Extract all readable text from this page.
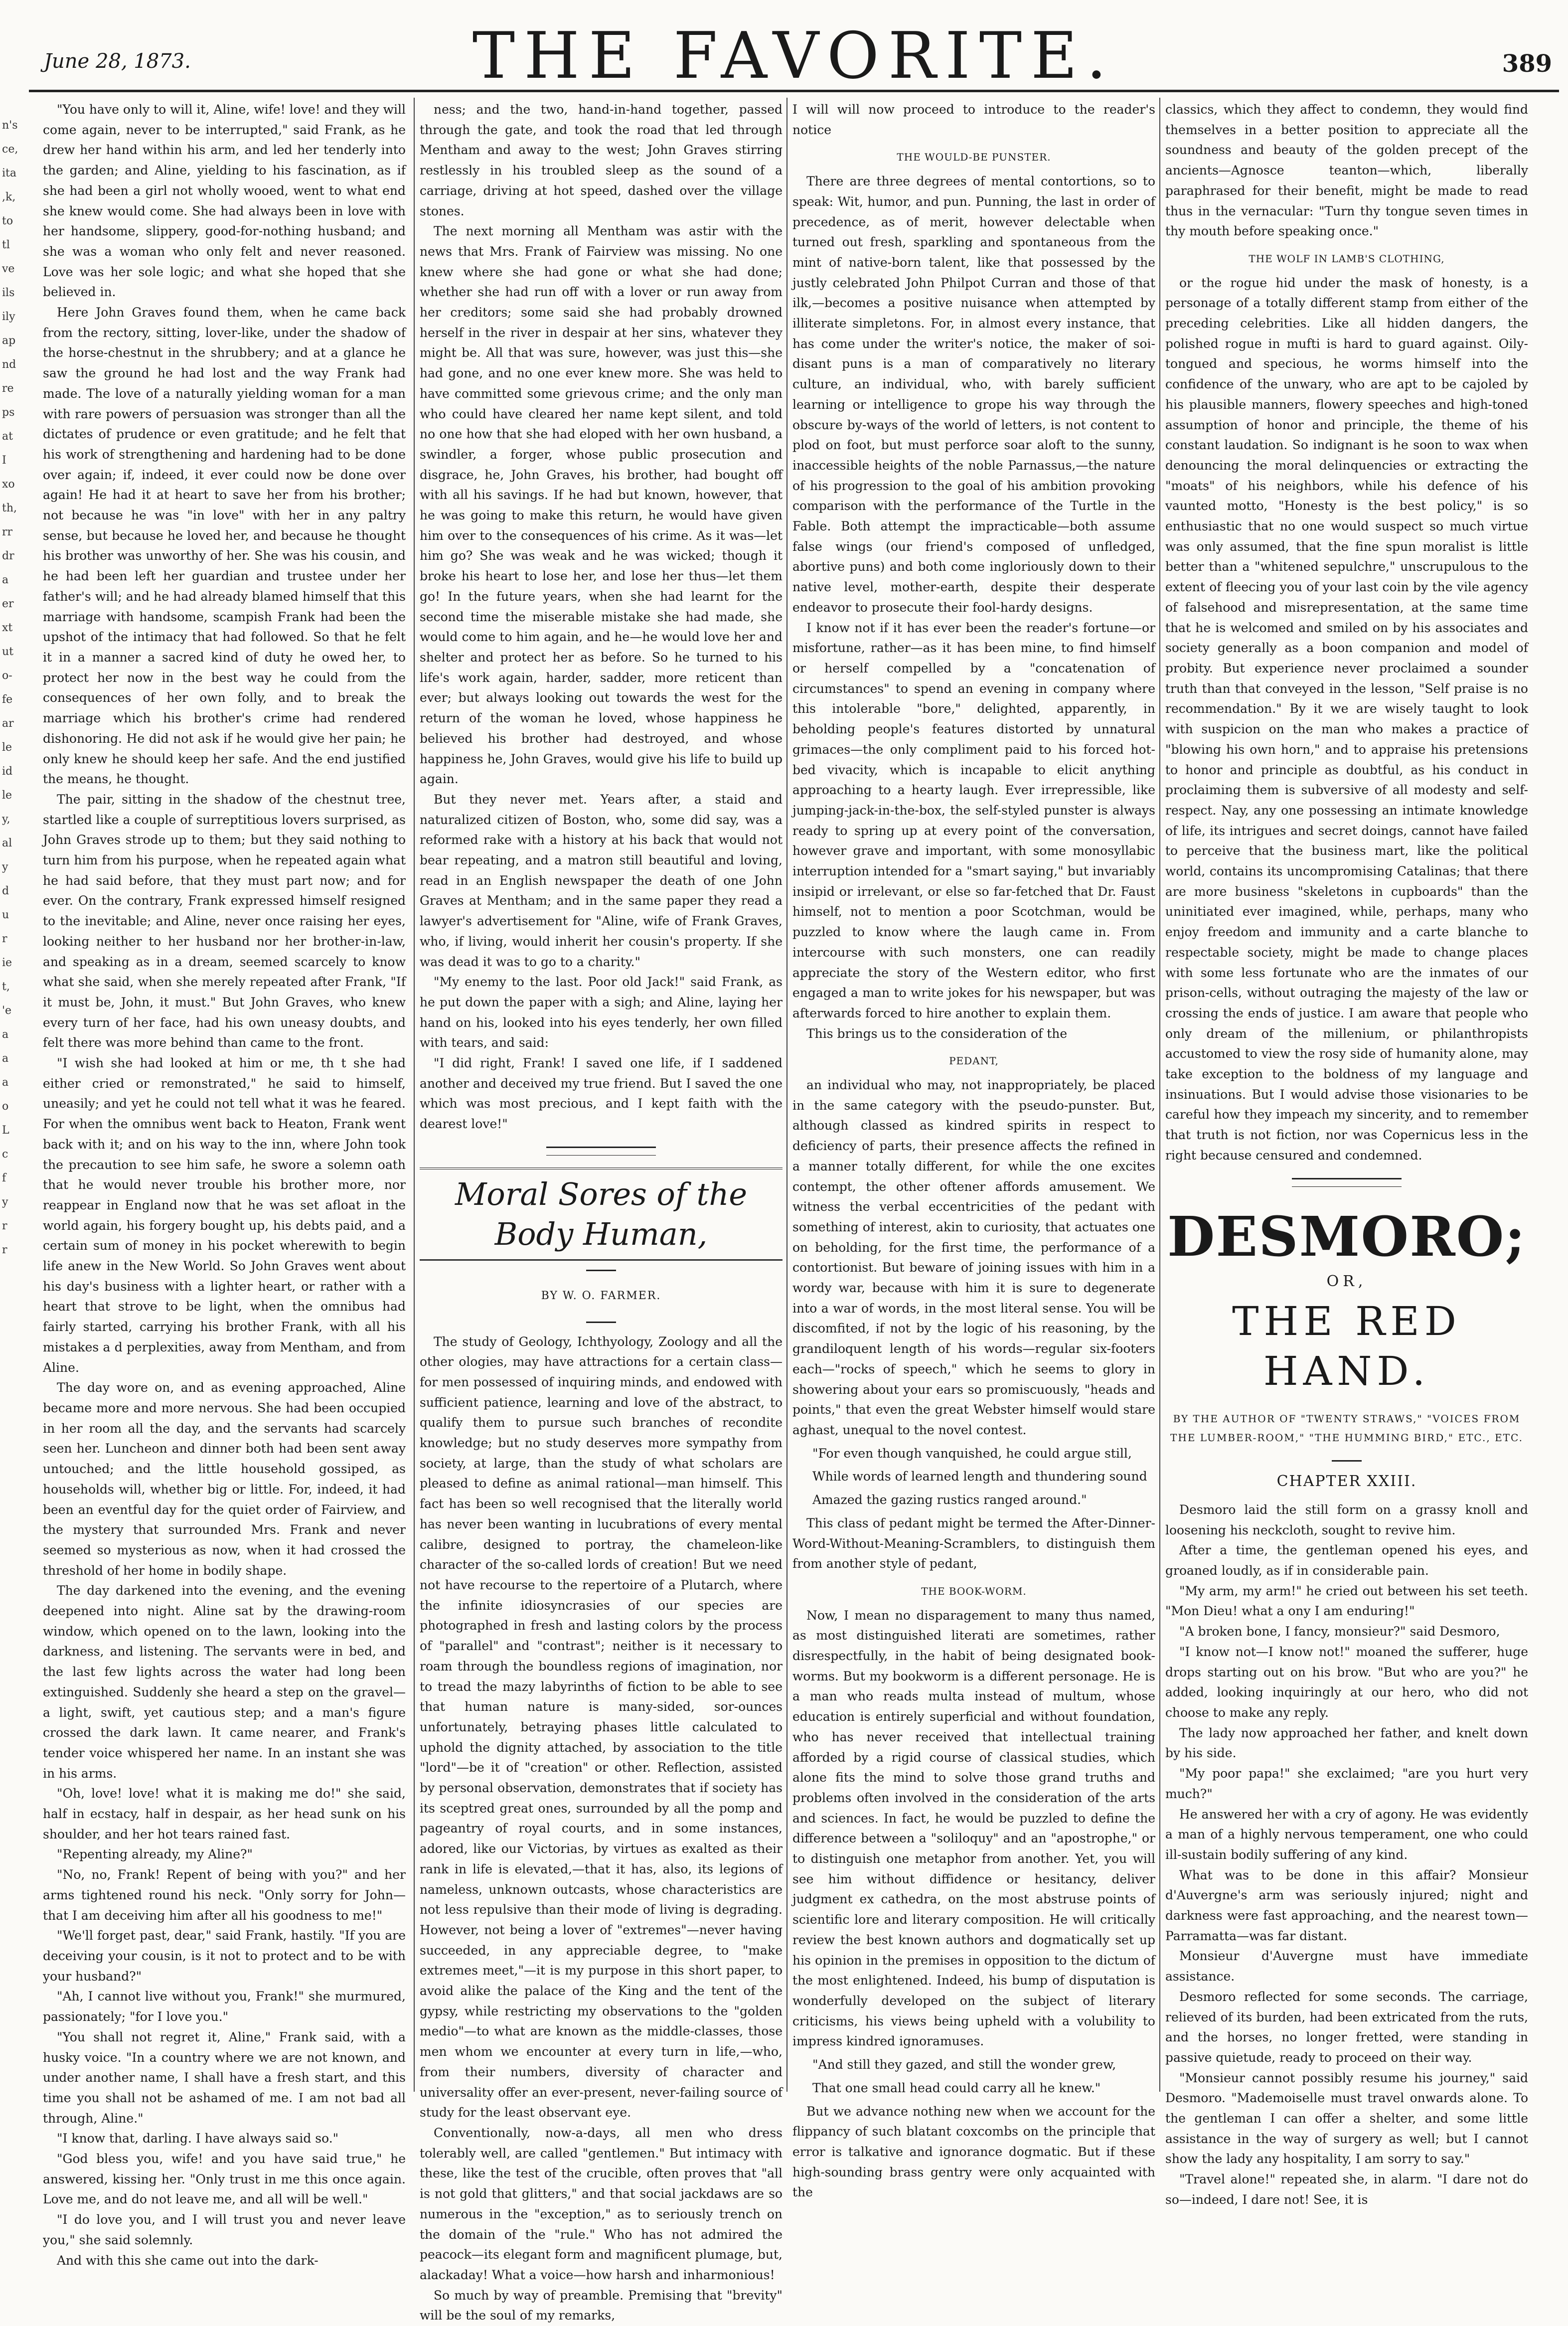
n's
ce,
ita
,k,
to
tl
ve
ils
ily
ap
nd
re
ps
at
I
xo
th,
rr
dr
a
er
xt
ut
o-
fe
ar
le
id
le
y,
al
y
d
u
r
ie
t,
'e
a
a
a
o
L
c
f
y
r
r
June 28, 1873.	THE FAVORITE.	389

"You have only to will it, Aline, wife! love! and they will come again, never to be interrupted," said Frank, as he drew her hand within his arm, and led her tenderly into the garden; and Aline, yielding to his fascination, as if she had been a girl not wholly wooed, went to what end she knew would come. She had always been in love with her handsome, slippery, good-for-nothing husband; and she was a woman who only felt and never reasoned. Love was her sole logic; and what she hoped that she believed in.

Here John Graves found them, when he came back from the rectory, sitting, lover-like, under the shadow of the horse-chestnut in the shrubbery; and at a glance he saw the ground he had lost and the way Frank had made. The love of a naturally yielding woman for a man with rare powers of persuasion was stronger than all the dictates of prudence or even gratitude; and he felt that his work of strengthening and hardening had to be done over again; if, indeed, it ever could now be done over again! He had it at heart to save her from his brother; not because he was "in love" with her in any paltry sense, but because he loved her, and because he thought his brother was unworthy of her. She was his cousin, and he had been left her guardian and trustee under her father's will; and he had already blamed himself that this marriage with handsome, scampish Frank had been the upshot of the intimacy that had followed. So that he felt it in a manner a sacred kind of duty he owed her, to protect her now in the best way he could from the consequences of her own folly, and to break the marriage which his brother's crime had rendered dishonoring. He did not ask if he would give her pain; he only knew he should keep her safe. And the end justified the means, he thought.

The pair, sitting in the shadow of the chestnut tree, startled like a couple of surreptitious lovers surprised, as John Graves strode up to them; but they said nothing to turn him from his purpose, when he repeated again what he had said before, that they must part now; and for ever. On the contrary, Frank expressed himself resigned to the inevitable; and Aline, never once raising her eyes, looking neither to her husband nor her brother-in-law, and speaking as in a dream, seemed scarcely to know what she said, when she merely repeated after Frank, "If it must be, John, it must." But John Graves, who knew every turn of her face, had his own uneasy doubts, and felt there was more behind than came to the front.

"I wish she had looked at him or me, th t she had either cried or remonstrated," he said to himself, uneasily; and yet he could not tell what it was he feared. For when the omnibus went back to Heaton, Frank went back with it; and on his way to the inn, where John took the precaution to see him safe, he swore a solemn oath that he would never trouble his brother more, nor reappear in England now that he was set afloat in the world again, his forgery bought up, his debts paid, and a certain sum of money in his pocket wherewith to begin life anew in the New World. So John Graves went about his day's business with a lighter heart, or rather with a heart that strove to be light, when the omnibus had fairly started, carrying his brother Frank, with all his mistakes a d perplexities, away from Mentham, and from Aline.

The day wore on, and as evening approached, Aline became more and more nervous. She had been occupied in her room all the day, and the servants had scarcely seen her. Luncheon and dinner both had been sent away untouched; and the little household gossiped, as households will, whether big or little. For, indeed, it had been an eventful day for the quiet order of Fairview, and the mystery that surrounded Mrs. Frank and never seemed so mysterious as now, when it had crossed the threshold of her home in bodily shape.

The day darkened into the evening, and the evening deepened into night. Aline sat by the drawing-room window, which opened on to the lawn, looking into the darkness, and listening. The servants were in bed, and the last few lights across the water had long been extinguished. Suddenly she heard a step on the gravel—a light, swift, yet cautious step; and a man's figure crossed the dark lawn. It came nearer, and Frank's tender voice whispered her name. In an instant she was in his arms.

"Oh, love! love! what it is making me do!" she said, half in ecstacy, half in despair, as her head sunk on his shoulder, and her hot tears rained fast.

"Repenting already, my Aline?"

"No, no, Frank! Repent of being with you?" and her arms tightened round his neck. "Only sorry for John—that I am deceiving him after all his goodness to me!"

"We'll forget past, dear," said Frank, hastily. "If you are deceiving your cousin, is it not to protect and to be with your husband?"

"Ah, I cannot live without you, Frank!" she murmured, passionately; "for I love you."

"You shall not regret it, Aline," Frank said, with a husky voice. "In a country where we are not known, and under another name, I shall have a fresh start, and this time you shall not be ashamed of me. I am not bad all through, Aline."

"I know that, darling. I have always said so."

"God bless you, wife! and you have said true," he answered, kissing her. "Only trust in me this once again. Love me, and do not leave me, and all will be well."

"I do love you, and I will trust you and never leave you," she said solemnly.

And with this she came out into the dark-

ness; and the two, hand-in-hand together, passed through the gate, and took the road that led through Mentham and away to the west; John Graves stirring restlessly in his troubled sleep as the sound of a carriage, driving at hot speed, dashed over the village stones.

The next morning all Mentham was astir with the news that Mrs. Frank of Fairview was missing. No one knew where she had gone or what she had done; whether she had run off with a lover or run away from her creditors; some said she had probably drowned herself in the river in despair at her sins, whatever they might be. All that was sure, however, was just this—she had gone, and no one ever knew more. She was held to have committed some grievous crime; and the only man who could have cleared her name kept silent, and told no one how that she had eloped with her own husband, a swindler, a forger, whose public prosecution and disgrace, he, John Graves, his brother, had bought off with all his savings. If he had but known, however, that he was going to make this return, he would have given him over to the consequences of his crime. As it was—let him go? She was weak and he was wicked; though it broke his heart to lose her, and lose her thus—let them go! In the future years, when she had learnt for the second time the miserable mistake she had made, she would come to him again, and he—he would love her and shelter and protect her as before. So he turned to his life's work again, harder, sadder, more reticent than ever; but always looking out towards the west for the return of the woman he loved, whose happiness he believed his brother had destroyed, and whose happiness he, John Graves, would give his life to build up again.

But they never met. Years after, a staid and naturalized citizen of Boston, who, some did say, was a reformed rake with a history at his back that would not bear repeating, and a matron still beautiful and loving, read in an English newspaper the death of one John Graves at Mentham; and in the same paper they read a lawyer's advertisement for "Aline, wife of Frank Graves, who, if living, would inherit her cousin's property. If she was dead it was to go to a charity."

"My enemy to the last. Poor old Jack!" said Frank, as he put down the paper with a sigh; and Aline, laying her hand on his, looked into his eyes tenderly, her own filled with tears, and said:

"I did right, Frank! I saved one life, if I saddened another and deceived my true friend. But I saved the one which was most precious, and I kept faith with the dearest love!"

Moral Sores of the Body Human,
BY W. O. FARMER.

The study of Geology, Ichthyology, Zoology and all the other ologies, may have attractions for a certain class—for men possessed of inquiring minds, and endowed with sufficient patience, learning and love of the abstract, to qualify them to pursue such branches of recondite knowledge; but no study deserves more sympathy from society, at large, than the study of what scholars are pleased to define as animal rational—man himself. This fact has been so well recognised that the literally world has never been wanting in lucubrations of every mental calibre, designed to portray, the chameleon-like character of the so-called lords of creation! But we need not have recourse to the repertoire of a Plutarch, where the infinite idiosyncrasies of our species are photographed in fresh and lasting colors by the process of "parallel" and "contrast"; neither is it necessary to roam through the boundless regions of imagination, nor to tread the mazy labyrinths of fiction to be able to see that human nature is many-sided, sor-ounces unfortunately, betraying phases little calculated to uphold the dignity attached, by association to the title "lord"—be it of "creation" or other. Reflection, assisted by personal observation, demonstrates that if society has its sceptred great ones, surrounded by all the pomp and pageantry of royal courts, and in some instances, adored, like our Victorias, by virtues as exalted as their rank in life is elevated,—that it has, also, its legions of nameless, unknown outcasts, whose characteristics are not less repulsive than their mode of living is degrading. However, not being a lover of "extremes"—never having succeeded, in any appreciable degree, to "make extremes meet,"—it is my purpose in this short paper, to avoid alike the palace of the King and the tent of the gypsy, while restricting my observations to the "golden medio"—to what are known as the middle-classes, those men whom we encounter at every turn in life,—who, from their numbers, diversity of character and universality offer an ever-present, never-failing source of study for the least observant eye.

Conventionally, now-a-days, all men who dress tolerably well, are called "gentlemen." But intimacy with these, like the test of the crucible, often proves that "all is not gold that glitters," and that social jackdaws are so numerous in the "exception," as to seriously trench on the domain of the "rule." Who has not admired the peacock—its elegant form and magnificent plumage, but, alackaday! What a voice—how harsh and inharmonious!

So much by way of preamble. Premising that "brevity" will be the soul of my remarks,

I will will now proceed to introduce to the reader's notice

THE WOULD-BE PUNSTER.

There are three degrees of mental contortions, so to speak: Wit, humor, and pun. Punning, the last in order of precedence, as of merit, however delectable when turned out fresh, sparkling and spontaneous from the mint of native-born talent, like that possessed by the justly celebrated John Philpot Curran and those of that ilk,—becomes a positive nuisance when attempted by illiterate simpletons. For, in almost every instance, that has come under the writer's notice, the maker of soi-disant puns is a man of comparatively no literary culture, an individual, who, with barely sufficient learning or intelligence to grope his way through the obscure by-ways of the world of letters, is not content to plod on foot, but must perforce soar aloft to the sunny, inaccessible heights of the noble Parnassus,—the nature of his progression to the goal of his ambition provoking comparison with the performance of the Turtle in the Fable. Both attempt the impracticable—both assume false wings (our friend's composed of unfledged, abortive puns) and both come ingloriously down to their native level, mother-earth, despite their desperate endeavor to prosecute their fool-hardy designs.

I know not if it has ever been the reader's fortune—or misfortune, rather—as it has been mine, to find himself or herself compelled by a "concatenation of circumstances" to spend an evening in company where this intolerable "bore," delighted, apparently, in beholding people's features distorted by unnatural grimaces—the only compliment paid to his forced hot-bed vivacity, which is incapable to elicit anything approaching to a hearty laugh. Ever irrepressible, like jumping-jack-in-the-box, the self-styled punster is always ready to spring up at every point of the conversation, however grave and important, with some monosyllabic interruption intended for a "smart saying," but invariably insipid or irrelevant, or else so far-fetched that Dr. Faust himself, not to mention a poor Scotchman, would be puzzled to know where the laugh came in. From intercourse with such monsters, one can readily appreciate the story of the Western editor, who first engaged a man to write jokes for his newspaper, but was afterwards forced to hire another to explain them.

This brings us to the consideration of the

PEDANT,

an individual who may, not inappropriately, be placed in the same category with the pseudo-punster. But, although classed as kindred spirits in respect to deficiency of parts, their presence affects the refined in a manner totally different, for while the one excites contempt, the other oftener affords amusement. We witness the verbal eccentricities of the pedant with something of interest, akin to curiosity, that actuates one on beholding, for the first time, the performance of a contortionist. But beware of joining issues with him in a wordy war, because with him it is sure to degenerate into a war of words, in the most literal sense. You will be discomfited, if not by the logic of his reasoning, by the grandiloquent length of his words—regular six-footers each—"rocks of speech," which he seems to glory in showering about your ears so promiscuously, "heads and points," that even the great Webster himself would stare aghast, unequal to the novel contest.

"For even though vanquished, he could argue still,

While words of learned length and thundering sound

Amazed the gazing rustics ranged around."

This class of pedant might be termed the After-Dinner-Word-Without-Meaning-Scramblers, to distinguish them from another style of pedant,

THE BOOK-WORM.

Now, I mean no disparagement to many thus named, as most distinguished literati are sometimes, rather disrespectfully, in the habit of being designated book-worms. But my bookworm is a different personage. He is a man who reads multa instead of multum, whose education is entirely superficial and without foundation, who has never received that intellectual training afforded by a rigid course of classical studies, which alone fits the mind to solve those grand truths and problems often involved in the consideration of the arts and sciences. In fact, he would be puzzled to define the difference between a "soliloquy" and an "apostrophe," or to distinguish one metaphor from another. Yet, you will see him without diffidence or hesitancy, deliver judgment ex cathedra, on the most abstruse points of scientific lore and literary composition. He will critically review the best known authors and dogmatically set up his opinion in the premises in opposition to the dictum of the most enlightened. Indeed, his bump of disputation is wonderfully developed on the subject of literary criticisms, his views being upheld with a volubility to impress kindred ignoramuses.

"And still they gazed, and still the wonder grew,

That one small head could carry all he knew."

But we advance nothing new when we account for the flippancy of such blatant coxcombs on the principle that error is talkative and ignorance dogmatic. But if these high-sounding brass gentry were only acquainted with the

classics, which they affect to condemn, they would find themselves in a better position to appreciate all the soundness and beauty of the golden precept of the ancients—Agnosce teanton—which, liberally paraphrased for their benefit, might be made to read thus in the vernacular: "Turn thy tongue seven times in thy mouth before speaking once."

THE WOLF IN LAMB'S CLOTHING,

or the rogue hid under the mask of honesty, is a personage of a totally different stamp from either of the preceding celebrities. Like all hidden dangers, the polished rogue in mufti is hard to guard against. Oily-tongued and specious, he worms himself into the confidence of the unwary, who are apt to be cajoled by his plausible manners, flowery speeches and high-toned assumption of honor and principle, the theme of his constant laudation. So indignant is he soon to wax when denouncing the moral delinquencies or extracting the "moats" of his neighbors, while his defence of his vaunted motto, "Honesty is the best policy," is so enthusiastic that no one would suspect so much virtue was only assumed, that the fine spun moralist is little better than a "whitened sepulchre," unscrupulous to the extent of fleecing you of your last coin by the vile agency of falsehood and misrepresentation, at the same time that he is welcomed and smiled on by his associates and society generally as a boon companion and model of probity. But experience never proclaimed a sounder truth than that conveyed in the lesson, "Self praise is no recommendation." By it we are wisely taught to look with suspicion on the man who makes a practice of "blowing his own horn," and to appraise his pretensions to honor and principle as doubtful, as his conduct in proclaiming them is subversive of all modesty and self-respect. Nay, any one possessing an intimate knowledge of life, its intrigues and secret doings, cannot have failed to perceive that the business mart, like the political world, contains its uncompromising Catalinas; that there are more business "skeletons in cupboards" than the uninitiated ever imagined, while, perhaps, many who enjoy freedom and immunity and a carte blanche to respectable society, might be made to change places with some less fortunate who are the inmates of our prison-cells, without outraging the majesty of the law or crossing the ends of justice. I am aware that people who only dream of the millenium, or philanthropists accustomed to view the rosy side of humanity alone, may take exception to the boldness of my language and insinuations. But I would advise those visionaries to be careful how they impeach my sincerity, and to remember that truth is not fiction, nor was Copernicus less in the right because censured and condemned.

DESMORO;
OR,
THE RED HAND.
BY THE AUTHOR OF "TWENTY STRAWS," "VOICES FROM THE LUMBER-ROOM," "THE HUMMING BIRD," ETC., ETC.
CHAPTER XXIII.

Desmoro laid the still form on a grassy knoll and loosening his neckcloth, sought to revive him.

After a time, the gentleman opened his eyes, and groaned loudly, as if in considerable pain.

"My arm, my arm!" he cried out between his set teeth. "Mon Dieu! what a ony I am enduring!"

"A broken bone, I fancy, monsieur?" said Desmoro,

"I know not—I know not!" moaned the sufferer, huge drops starting out on his brow. "But who are you?" he added, looking inquiringly at our hero, who did not choose to make any reply.

The lady now approached her father, and knelt down by his side.

"My poor papa!" she exclaimed; "are you hurt very much?"

He answered her with a cry of agony. He was evidently a man of a highly nervous temperament, one who could ill-sustain bodily suffering of any kind.

What was to be done in this affair? Monsieur d'Auvergne's arm was seriously injured; night and darkness were fast approaching, and the nearest town—Parramatta—was far distant.

Monsieur d'Auvergne must have immediate assistance.

Desmoro reflected for some seconds. The carriage, relieved of its burden, had been extricated from the ruts, and the horses, no longer fretted, were standing in passive quietude, ready to proceed on their way.

"Monsieur cannot possibly resume his journey," said Desmoro. "Mademoiselle must travel onwards alone. To the gentleman I can offer a shelter, and some little assistance in the way of surgery as well; but I cannot show the lady any hospitality, I am sorry to say."

"Travel alone!" repeated she, in alarm. "I dare not do so—indeed, I dare not! See, it is
